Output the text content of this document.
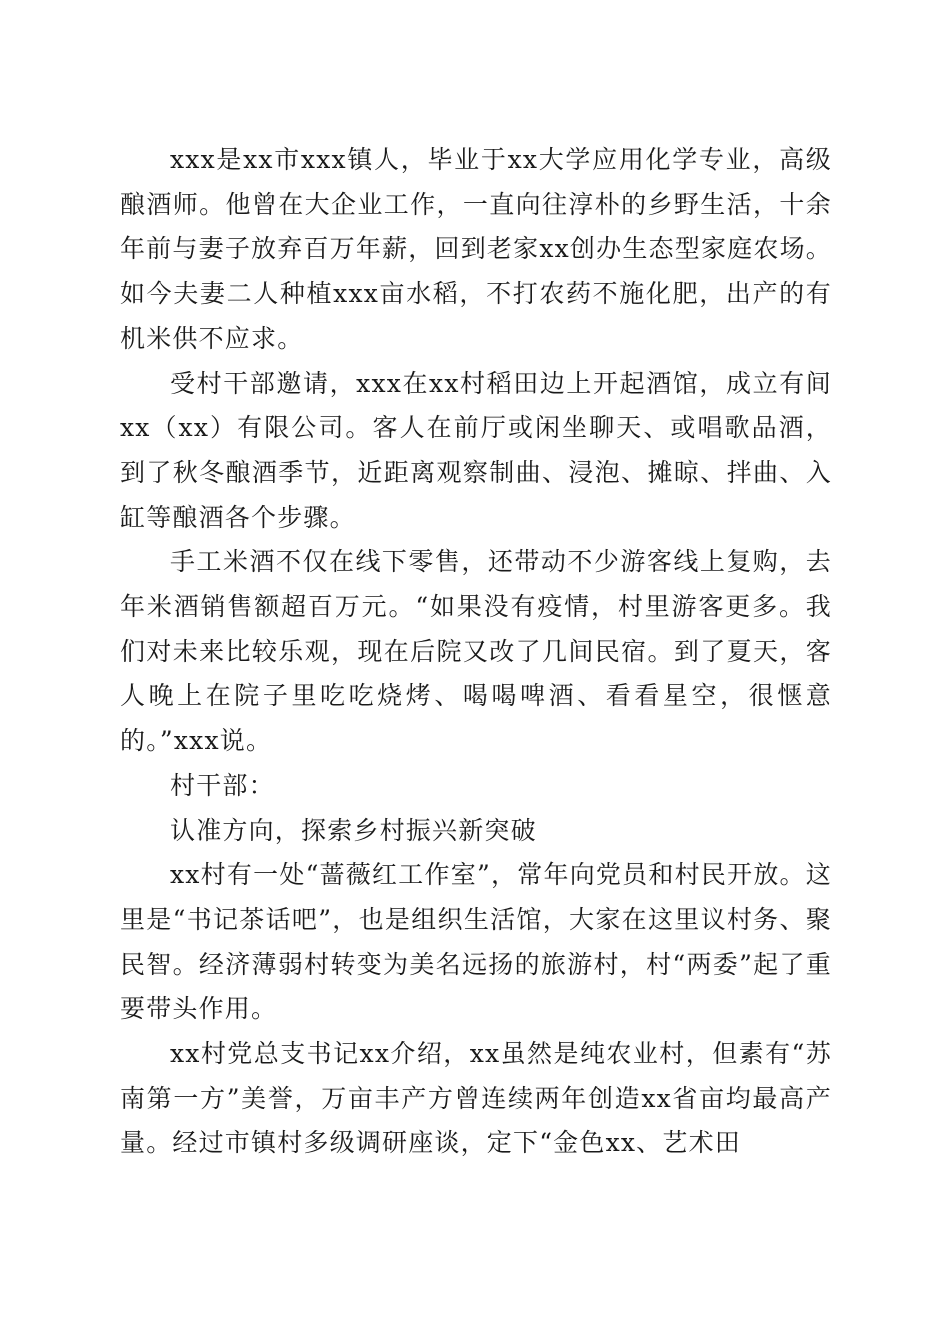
xxx是xx市xxx镇人，毕业于xx大学应用化学专业，高级酿酒师。他曾在大企业工作，一直向往淳朴的乡野生活，十余年前与妻子放弃百万年薪，回到老家xx创办生态型家庭农场。如今夫妻二人种植xxx亩水稻，不打农药不施化肥，出产的有机米供不应求。

受村干部邀请，xxx在xx村稻田边上开起酒馆，成立有间xx（xx）有限公司。客人在前厅或闲坐聊天、或唱歌品酒，到了秋冬酿酒季节，近距离观察制曲、浸泡、摊晾、拌曲、入缸等酿酒各个步骤。

手工米酒不仅在线下零售，还带动不少游客线上复购，去年米酒销售额超百万元。“如果没有疫情，村里游客更多。我们对未来比较乐观，现在后院又改了几间民宿。到了夏天，客人晚上在院子里吃吃烧烤、喝喝啤酒、看看星空，很惬意的。”xxx说。

村干部：

认准方向，探索乡村振兴新突破

xx村有一处“蔷薇红工作室”，常年向党员和村民开放。这里是“书记茶话吧”，也是组织生活馆，大家在这里议村务、聚民智。经济薄弱村转变为美名远扬的旅游村，村“两委”起了重要带头作用。

xx村党总支书记xx介绍，xx虽然是纯农业村，但素有“苏南第一方”美誉，万亩丰产方曾连续两年创造xx省亩均最高产量。经过市镇村多级调研座谈，定下“金色xx、艺术田
